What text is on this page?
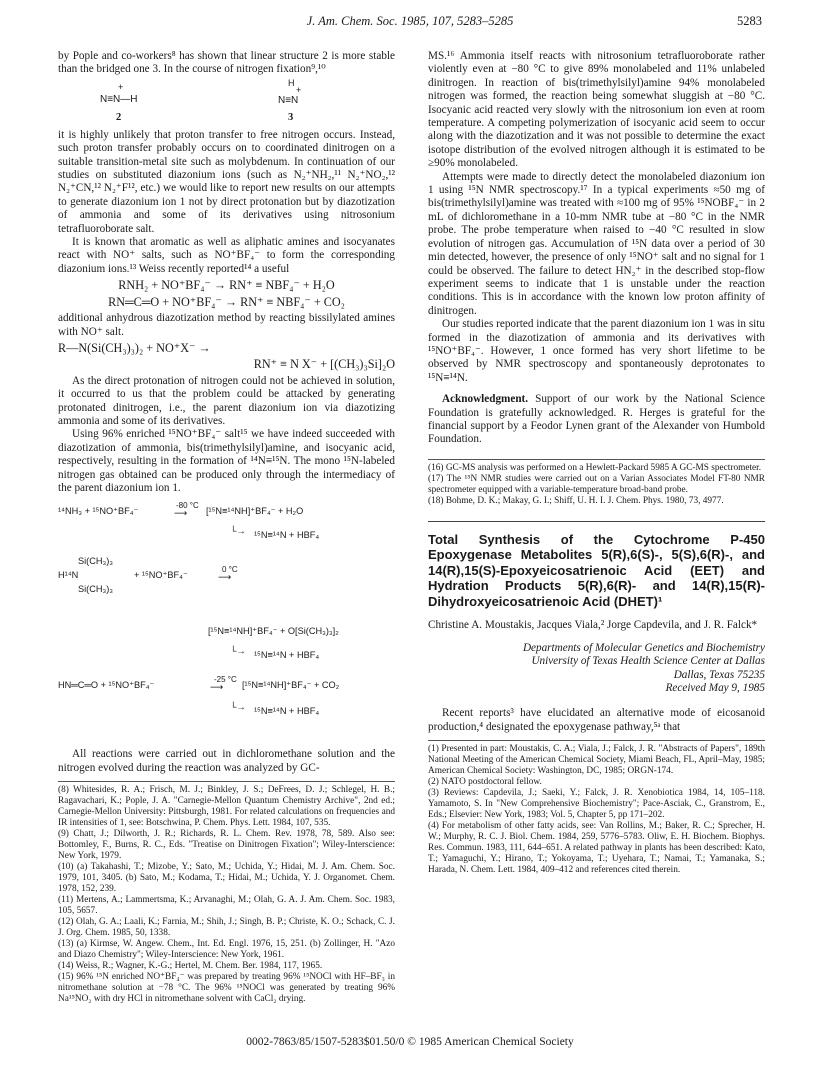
J. Am. Chem. Soc. 1985, 107, 5283–5285	5283

by Pople and co-workers⁸ has shown that linear structure 2 is more stable than the bridged one 3. In the course of nitrogen fixation⁹,¹⁰

+
N≡N—H
2
H
+
N≡N
3

it is highly unlikely that proton transfer to free nitrogen occurs. Instead, such proton transfer probably occurs on to coordinated dinitrogen on a suitable transition-metal site such as molybdenum. In continuation of our studies on substituted diazonium ions (such as N₂⁺NH₂,¹¹ N₂⁺NO₂,¹² N₂⁺CN,¹² N₂⁺F¹², etc.) we would like to report new results on our attempts to generate diazonium ion 1 not by direct protonation but by diazotization of ammonia and some of its derivatives using nitrosonium tetrafluoroborate salt.

It is known that aromatic as well as aliphatic amines and isocyanates react with NO⁺ salts, such as NO⁺BF₄⁻ to form the corresponding diazonium ions.¹³ Weiss recently reported¹⁴ a useful

RNH₂ + NO⁺BF₄⁻ → RN⁺ ≡ NBF₄⁻ + H₂O
RN═C═O + NO⁺BF₄⁻ → RN⁺ ≡ NBF₄⁻ + CO₂

additional anhydrous diazotization method by reacting bissilylated amines with NO⁺ salt.

R—N(Si(CH₃)₃)₂ + NO⁺X⁻ →
RN⁺ ≡ N X⁻ + [(CH₃)₃Si]₂O

As the direct protonation of nitrogen could not be achieved in solution, it occurred to us that the problem could be attacked by generating protonated dinitrogen, i.e., the parent diazonium ion via diazotizing ammonia and some of its derivatives.

Using 96% enriched ¹⁵NO⁺BF₄⁻ salt¹⁵ we have indeed succeeded with diazotization of ammonia, bis(trimethylsilyl)amine, and isocyanic acid, respectively, resulting in the formation of ¹⁴N≡¹⁵N. The mono ¹⁵N-labeled nitrogen gas obtained can be produced only through the intermediacy of the parent diazonium ion 1.

¹⁴NH₃ + ¹⁵NO⁺BF₄⁻
-80 °C
⟶ [¹⁵N≡¹⁴NH]⁺BF₄⁻ + H₂O
└→ ¹⁵N≡¹⁴N + HBF₄
Si(CH₃)₃
H¹⁴N
Si(CH₃)₃
+ ¹⁵NO⁺BF₄⁻
0 °C
⟶
[¹⁵N≡¹⁴NH]⁺BF₄⁻ + O[Si(CH₃)₃]₂
└→ ¹⁵N≡¹⁴N + HBF₄
HN═C═O + ¹⁵NO⁺BF₄⁻
-25 °C
⟶ [¹⁵N≡¹⁴NH]⁺BF₄⁻ + CO₂
└→ ¹⁵N≡¹⁴N + HBF₄

All reactions were carried out in dichloromethane solution and the nitrogen evolved during the reaction was analyzed by GC-

(8) Whitesides, R. A.; Frisch, M. J.; Binkley, J. S.; DeFrees, D. J.; Schlegel, H. B.; Ragavachari, K.; Pople, J. A. "Carnegie-Mellon Quantum Chemistry Archive", 2nd ed.; Carnegie-Mellon University: Pittsburgh, 1981. For related calculations on frequencies and IR intensities of 1, see: Botschwina, P. Chem. Phys. Lett. 1984, 107, 535.

(9) Chatt, J.; Dilworth, J. R.; Richards, R. L. Chem. Rev. 1978, 78, 589. Also see: Bottomley, F., Burns, R. C., Eds. "Treatise on Dinitrogen Fixation"; Wiley-Interscience: New York, 1979.

(10) (a) Takahashi, T.; Mizobe, Y.; Sato, M.; Uchida, Y.; Hidai, M. J. Am. Chem. Soc. 1979, 101, 3405. (b) Sato, M.; Kodama, T.; Hidai, M.; Uchida, Y. J. Organomet. Chem. 1978, 152, 239.

(11) Mertens, A.; Lammertsma, K.; Arvanaghi, M.; Olah, G. A. J. Am. Chem. Soc. 1983, 105, 5657.

(12) Olah, G. A.; Laali, K.; Farnia, M.; Shih, J.; Singh, B. P.; Christe, K. O.; Schack, C. J. J. Org. Chem. 1985, 50, 1338.

(13) (a) Kirmse, W. Angew. Chem., Int. Ed. Engl. 1976, 15, 251. (b) Zollinger, H. "Azo and Diazo Chemistry"; Wiley-Interscience: New York, 1961.

(14) Weiss, R.; Wagner, K.-G.; Hertel, M. Chem. Ber. 1984, 117, 1965.

(15) 96% ¹⁵N enriched NO⁺BF₄⁻ was prepared by treating 96% ¹⁵NOCl with HF–BF₃ in nitromethane solution at −78 °C. The 96% ¹⁵NOCl was generated by treating 96% Na¹⁵NO₂ with dry HCl in nitromethane solvent with CaCl₂ drying.

MS.¹⁶ Ammonia itself reacts with nitrosonium tetrafluoroborate rather violently even at −80 °C to give 89% monolabeled and 11% unlabeled dinitrogen. In reaction of bis(trimethylsilyl)amine 94% monolabeled nitrogen was formed, the reaction being somewhat sluggish at −80 °C. Isocyanic acid reacted very slowly with the nitrosonium ion even at room temperature. A competing polymerization of isocyanic acid seem to occur along with the diazotization and it was not possible to determine the exact isotope distribution of the evolved nitrogen although it is estimated to be ≥90% monolabeled.

Attempts were made to directly detect the monolabeled diazonium ion 1 using ¹⁵N NMR spectroscopy.¹⁷ In a typical experiments ≈50 mg of bis(trimethylsilyl)amine was treated with ≈100 mg of 95% ¹⁵NOBF₄⁻ in 2 mL of dichloromethane in a 10-mm NMR tube at −80 °C in the NMR probe. The probe temperature when raised to −40 °C resulted in slow evolution of nitrogen gas. Accumulation of ¹⁵N data over a period of 30 min detected, however, the presence of only ¹⁵NO⁺ salt and no signal for 1 could be observed. The failure to detect HN₂⁺ in the described stop-flow experiment seems to indicate that 1 is unstable under the reaction conditions. This is in accordance with the known low proton affinity of dinitrogen.

Our studies reported indicate that the parent diazonium ion 1 was in situ formed in the diazotization of ammonia and its derivatives with ¹⁵NO⁺BF₄⁻. However, 1 once formed has very short lifetime to be observed by NMR spectroscopy and spontaneously deprotonates to ¹⁵N≡¹⁴N.

Acknowledgment. Support of our work by the National Science Foundation is gratefully acknowledged. R. Herges is grateful for the financial support by a Feodor Lynen grant of the Alexander von Humbold Foundation.

(16) GC-MS analysis was performed on a Hewlett-Packard 5985 A GC-MS spectrometer.

(17) The ¹⁵N NMR studies were carried out on a Varian Associates Model FT-80 NMR spectrometer equipped with a variable-temperature broad-band probe.

(18) Bohme, D. K.; Makay, G. I.; Shiff, U. H. I. J. Chem. Phys. 1980, 73, 4977.

Total Synthesis of the Cytochrome P-450 Epoxygenase Metabolites 5(R),6(S)-, 5(S),6(R)-, and 14(R),15(S)-Epoxyeicosatrienoic Acid (EET) and Hydration Products 5(R),6(R)- and 14(R),15(R)-Dihydroxyeicosatrienoic Acid (DHET)¹
Christine A. Moustakis, Jacques Viala,² Jorge Capdevila, and J. R. Falck*
Departments of Molecular Genetics and Biochemistry
University of Texas Health Science Center at Dallas
Dallas, Texas 75235
Received May 9, 1985

Recent reports³ have elucidated an alternative mode of eicosanoid production,⁴ designated the epoxygenase pathway,⁵ᵃ that

(1) Presented in part: Moustakis, C. A.; Viala, J.; Falck, J. R. "Abstracts of Papers", 189th National Meeting of the American Chemical Society, Miami Beach, FL, April–May, 1985; American Chemical Society: Washington, DC, 1985; ORGN-174.

(2) NATO postdoctoral fellow.

(3) Reviews: Capdevila, J.; Saeki, Y.; Falck, J. R. Xenobiotica 1984, 14, 105–118. Yamamoto, S. In "New Comprehensive Biochemistry"; Pace-Asciak, C., Granstrom, E., Eds.; Elsevier: New York, 1983; Vol. 5, Chapter 5, pp 171–202.

(4) For metabolism of other fatty acids, see: Van Rollins, M.; Baker, R. C.; Sprecher, H. W.; Murphy, R. C. J. Biol. Chem. 1984, 259, 5776–5783. Oliw, E. H. Biochem. Biophys. Res. Commun. 1983, 111, 644–651. A related pathway in plants has been described: Kato, T.; Yamaguchi, Y.; Hirano, T.; Yokoyama, T.; Uyehara, T.; Namai, T.; Yamanaka, S.; Harada, N. Chem. Lett. 1984, 409–412 and references cited therein.

0002-7863/85/1507-5283$01.50/0 © 1985 American Chemical Society
